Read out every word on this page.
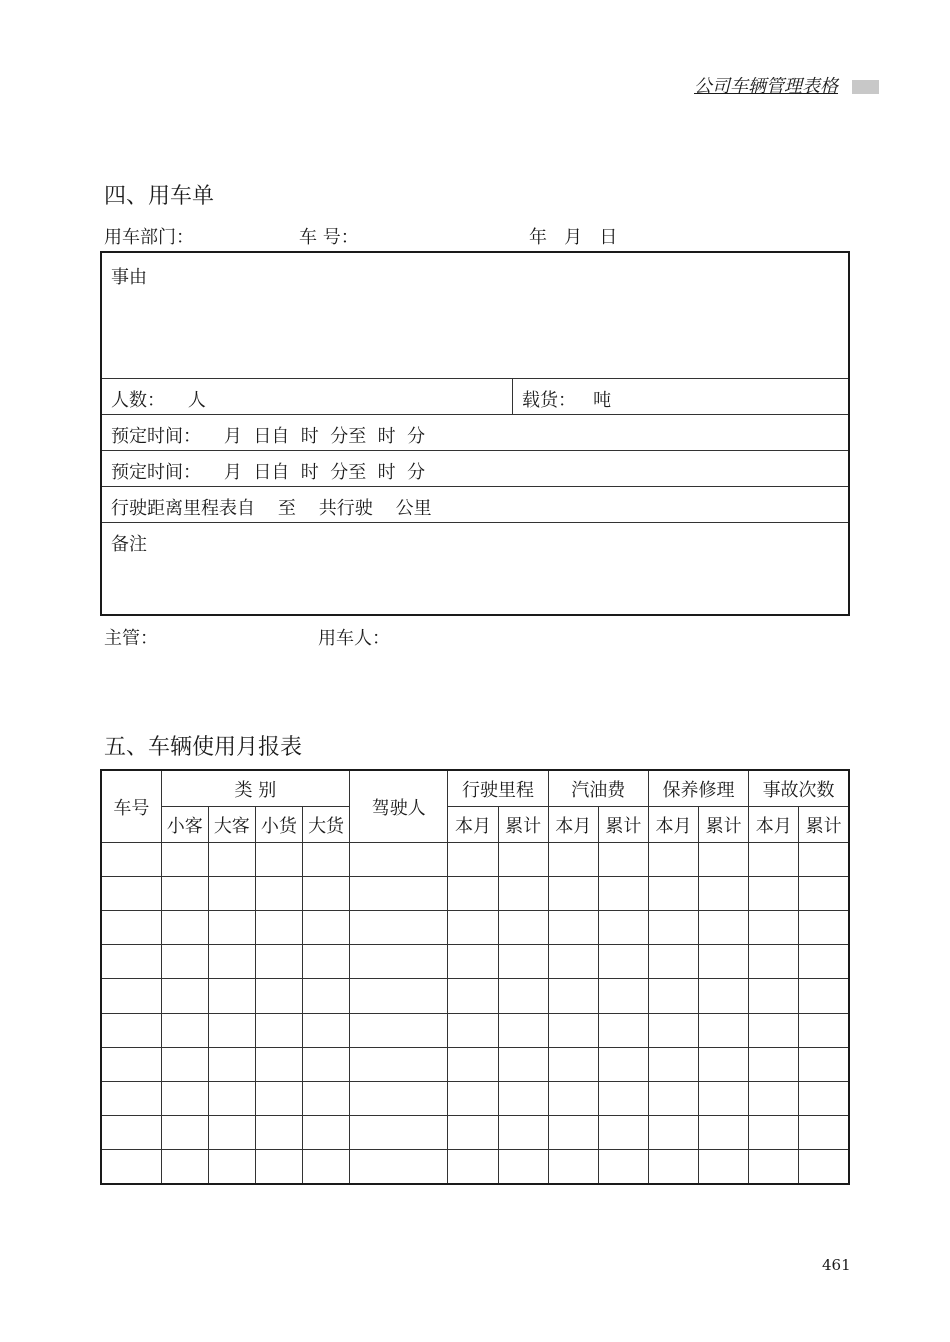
公司车辆管理表格
四、用车单
用车部门：	车 号：	年   月   日
事由
人数：    人	载货：   吨
预定时间：    月  日自  时  分至  时  分
预定时间：    月  日自  时  分至  时  分
行驶距离里程表自    至    共行驶    公里
备注
主管：	用车人：
五、车辆使用月报表
车号	类 别				驾驶人	行驶里程		汽油费		保养修理		事故次数	
	小客	大客	小货	大货		本月	累计	本月	累计	本月	累计	本月	累计

461
